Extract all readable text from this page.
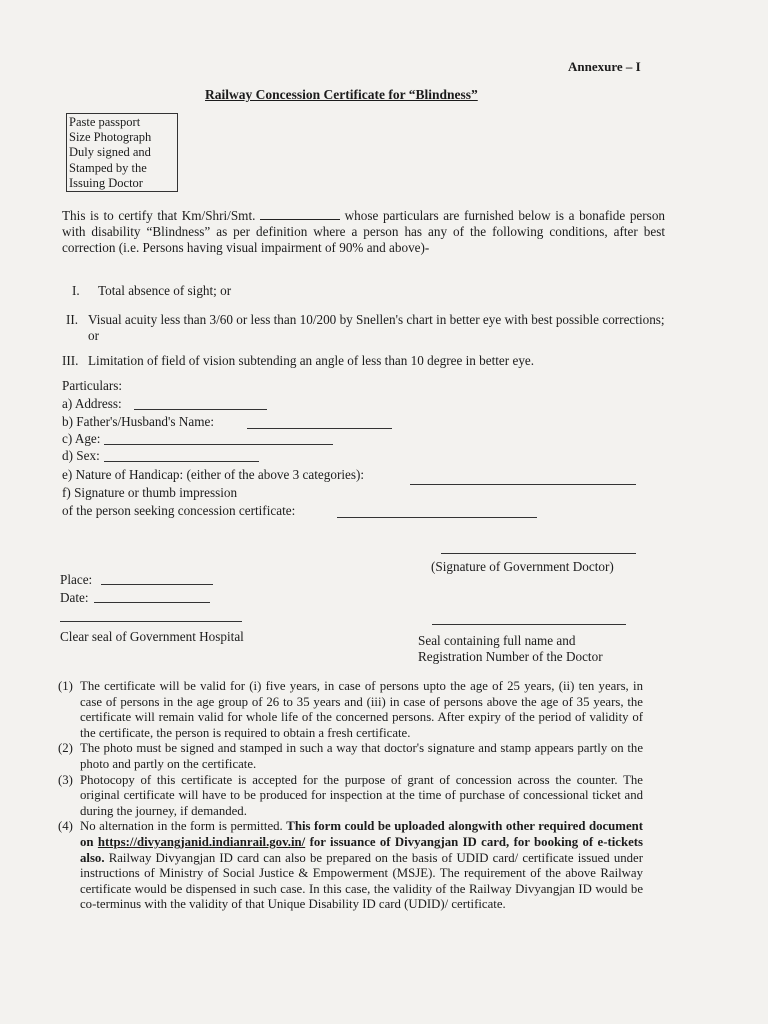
Annexure – I
Railway Concession Certificate for “Blindness”
Paste passport
Size Photograph
Duly signed and
Stamped by the
Issuing Doctor
This is to certify that Km/Shri/Smt.	whose particulars are furnished below is a bonafide person with disability “Blindness” as per definition where a person has any of the following conditions, after best correction (i.e. Persons having visual impairment of 90% and above)-
I. Total absence of sight; or
II. Visual acuity less than 3/60 or less than 10/200 by Snellen's chart in better eye with best possible corrections; or
III. Limitation of field of vision subtending an angle of less than 10 degree in better eye.
Particulars:
a) Address:
b) Father's/Husband's Name:
c) Age:
d) Sex:
e) Nature of Handicap: (either of the above 3 categories):
f) Signature or thumb impression
of the person seeking concession certificate:
(Signature of Government Doctor)
Place:
Date:
Clear seal of Government Hospital	Seal containing full name and
Registration Number of the Doctor
(1) The certificate will be valid for (i) five years, in case of persons upto the age of 25 years, (ii) ten years, in case of persons in the age group of 26 to 35 years and (iii) in case of persons above the age of 35 years, the certificate will remain valid for whole life of the concerned persons. After expiry of the period of validity of the certificate, the person is required to obtain a fresh certificate.
(2) The photo must be signed and stamped in such a way that doctor's signature and stamp appears partly on the photo and partly on the certificate.
(3) Photocopy of this certificate is accepted for the purpose of grant of concession across the counter. The original certificate will have to be produced for inspection at the time of purchase of concessional ticket and during the journey, if demanded.
(4) No alternation in the form is permitted. This form could be uploaded alongwith other required document on https://divyangjanid.indianrail.gov.in/ for issuance of Divyangjan ID card, for booking of e-tickets also. Railway Divyangjan ID card can also be prepared on the basis of UDID card/ certificate issued under instructions of Ministry of Social Justice & Empowerment (MSJE). The requirement of the above Railway certificate would be dispensed in such case. In this case, the validity of the Railway Divyangjan ID would be co-terminus with the validity of that Unique Disability ID card (UDID)/ certificate.
